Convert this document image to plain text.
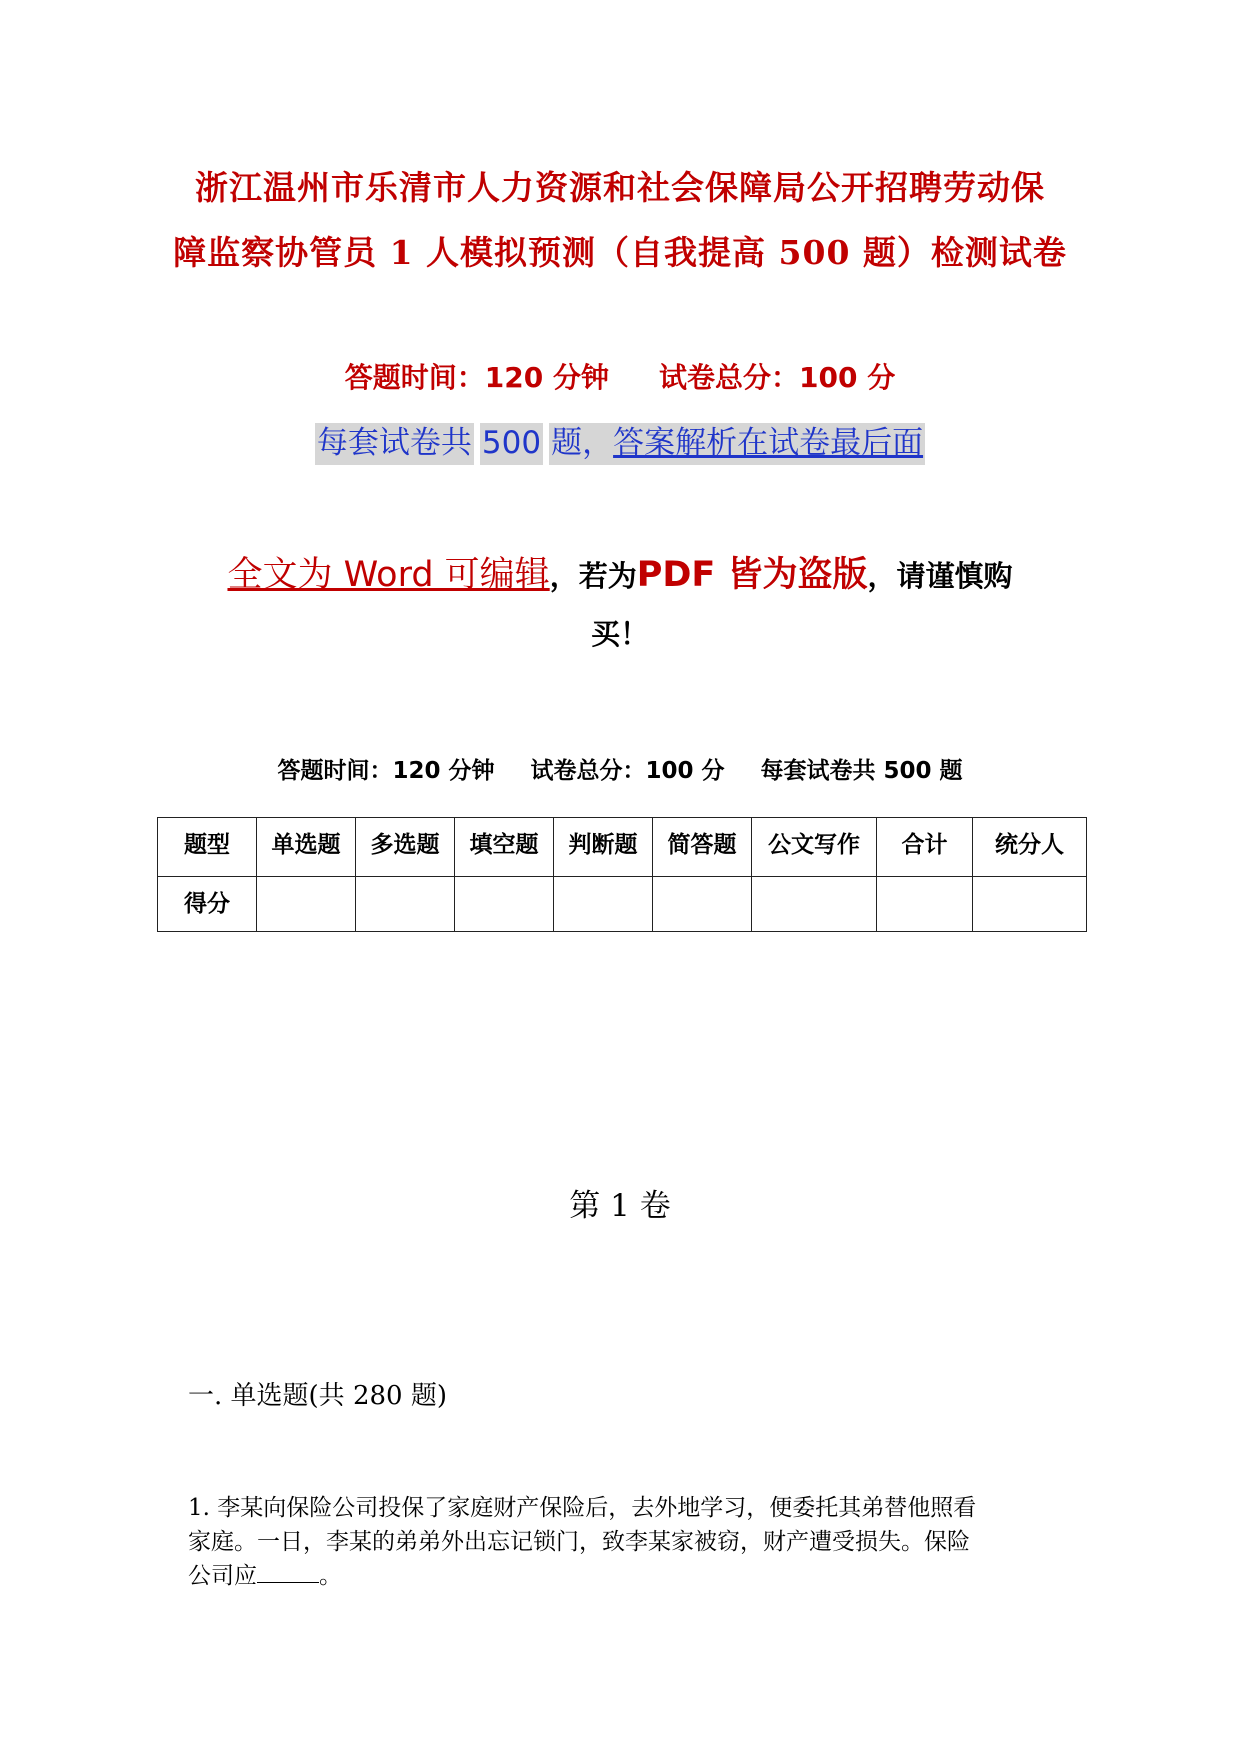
浙江温州市乐清市人力资源和社会保障局公开招聘劳动保
障监察协管员 1 人模拟预测（自我提高 500 题）检测试卷
答题时间：120 分钟 试卷总分：100 分
每套试卷共 500 题，答案解析在试卷最后面
全文为 Word 可编辑，若为PDF 皆为盗版，请谨慎购
买！
答题时间：120 分钟 试卷总分：100 分 每套试卷共 500 题
题型	单选题	多选题	填空题	判断题	简答题	公文写作	合计	统分人
得分								
第 1 卷
一. 单选题(共 280 题)
1. 李某向保险公司投保了家庭财产保险后，去外地学习，便委托其弟替他照看
家庭。一日，李某的弟弟外出忘记锁门，致李某家被窃，财产遭受损失。保险
公司应	。
